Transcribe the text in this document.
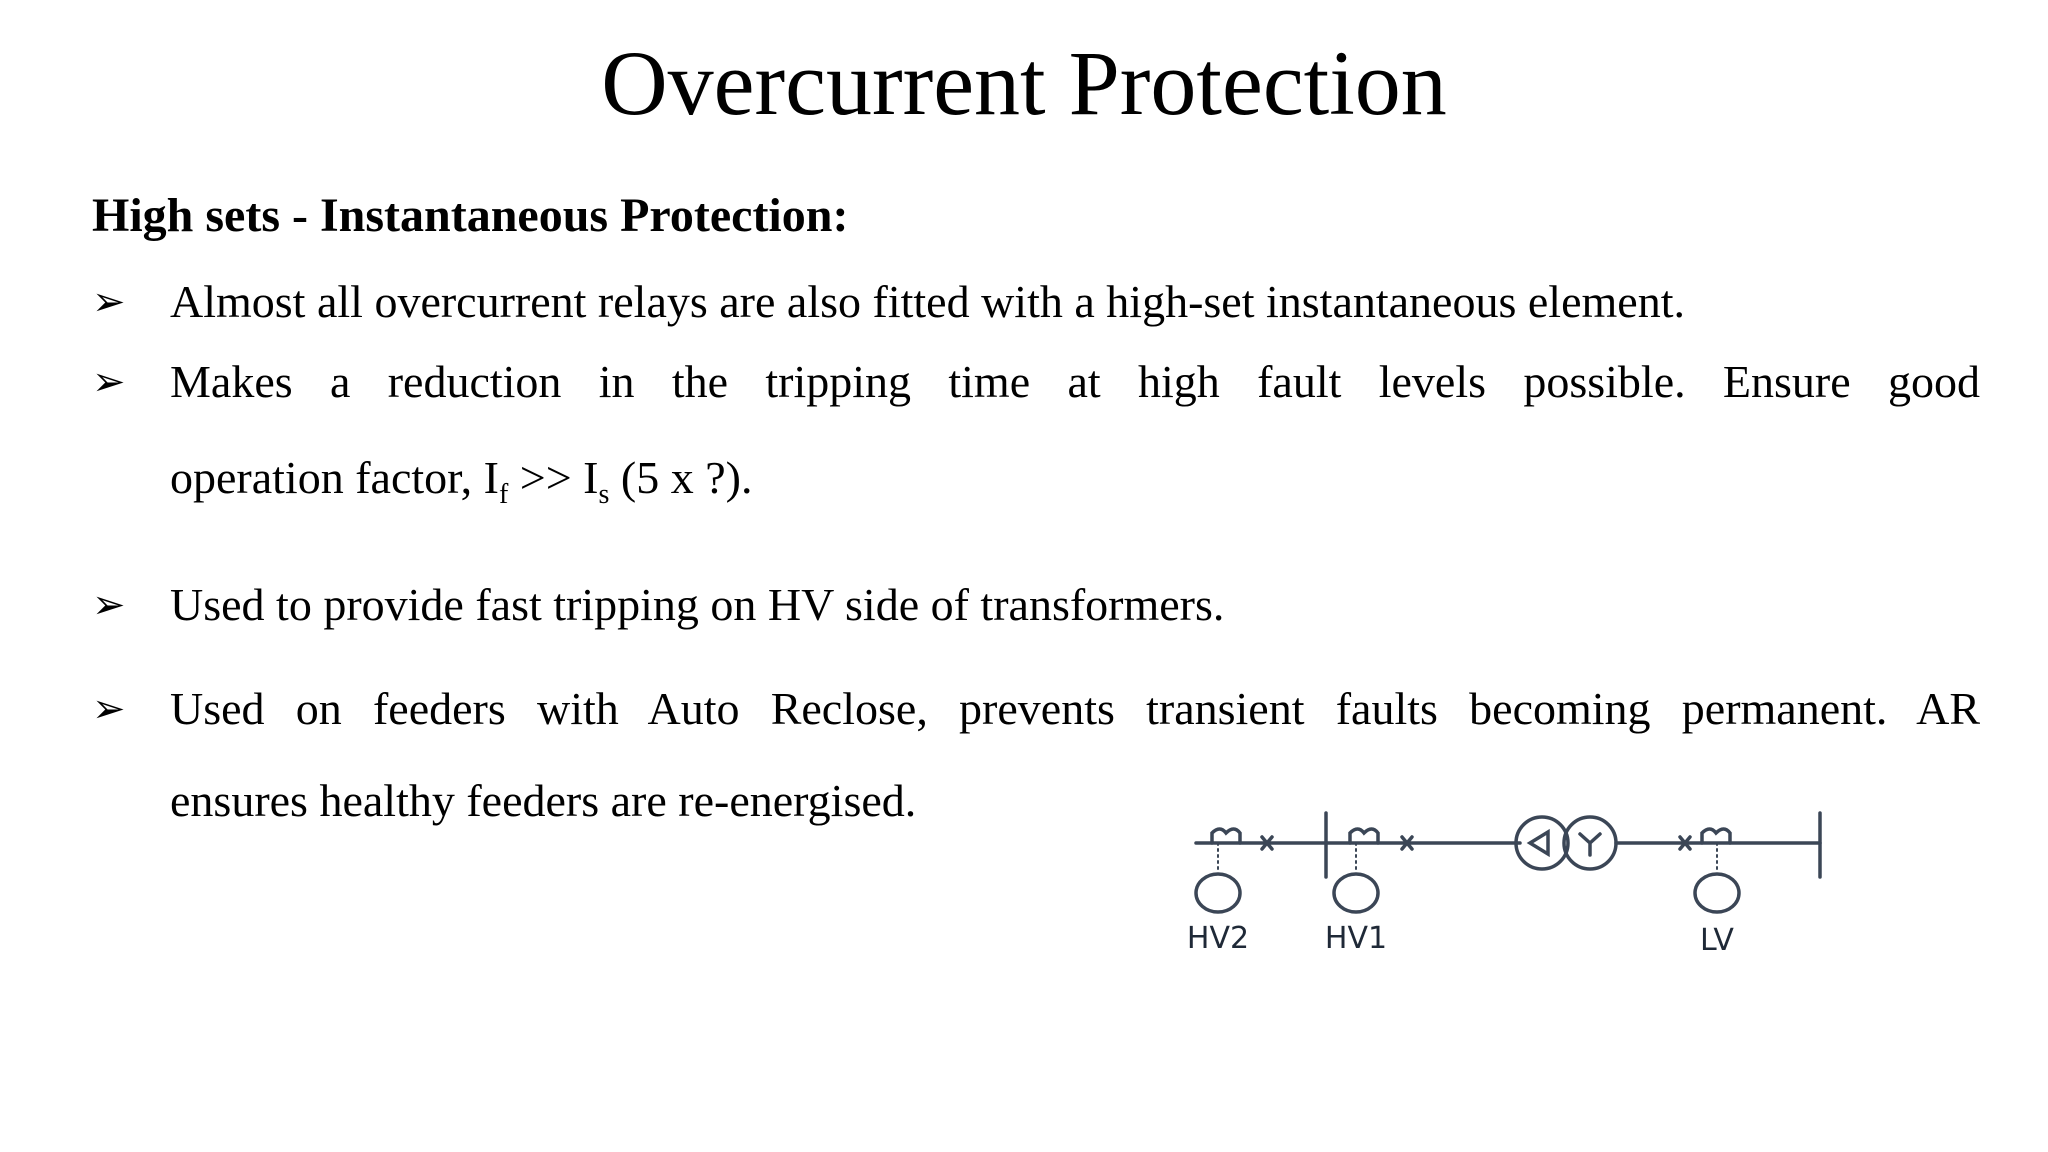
Overcurrent Protection
High sets - Instantaneous Protection:
➢ Almost all overcurrent relays are also fitted with a high-set instantaneous element.
➢ Makes a reduction in the tripping time at high fault levels possible. Ensure good
operation factor, $I_f >> I_s$ (5 x ?).
➢ Used to provide fast tripping on HV side of transformers.
➢ Used on feeders with Auto Reclose, prevents transient faults becoming permanent. AR
ensures healthy feeders are re-energised.
HV2	HV1	LV
